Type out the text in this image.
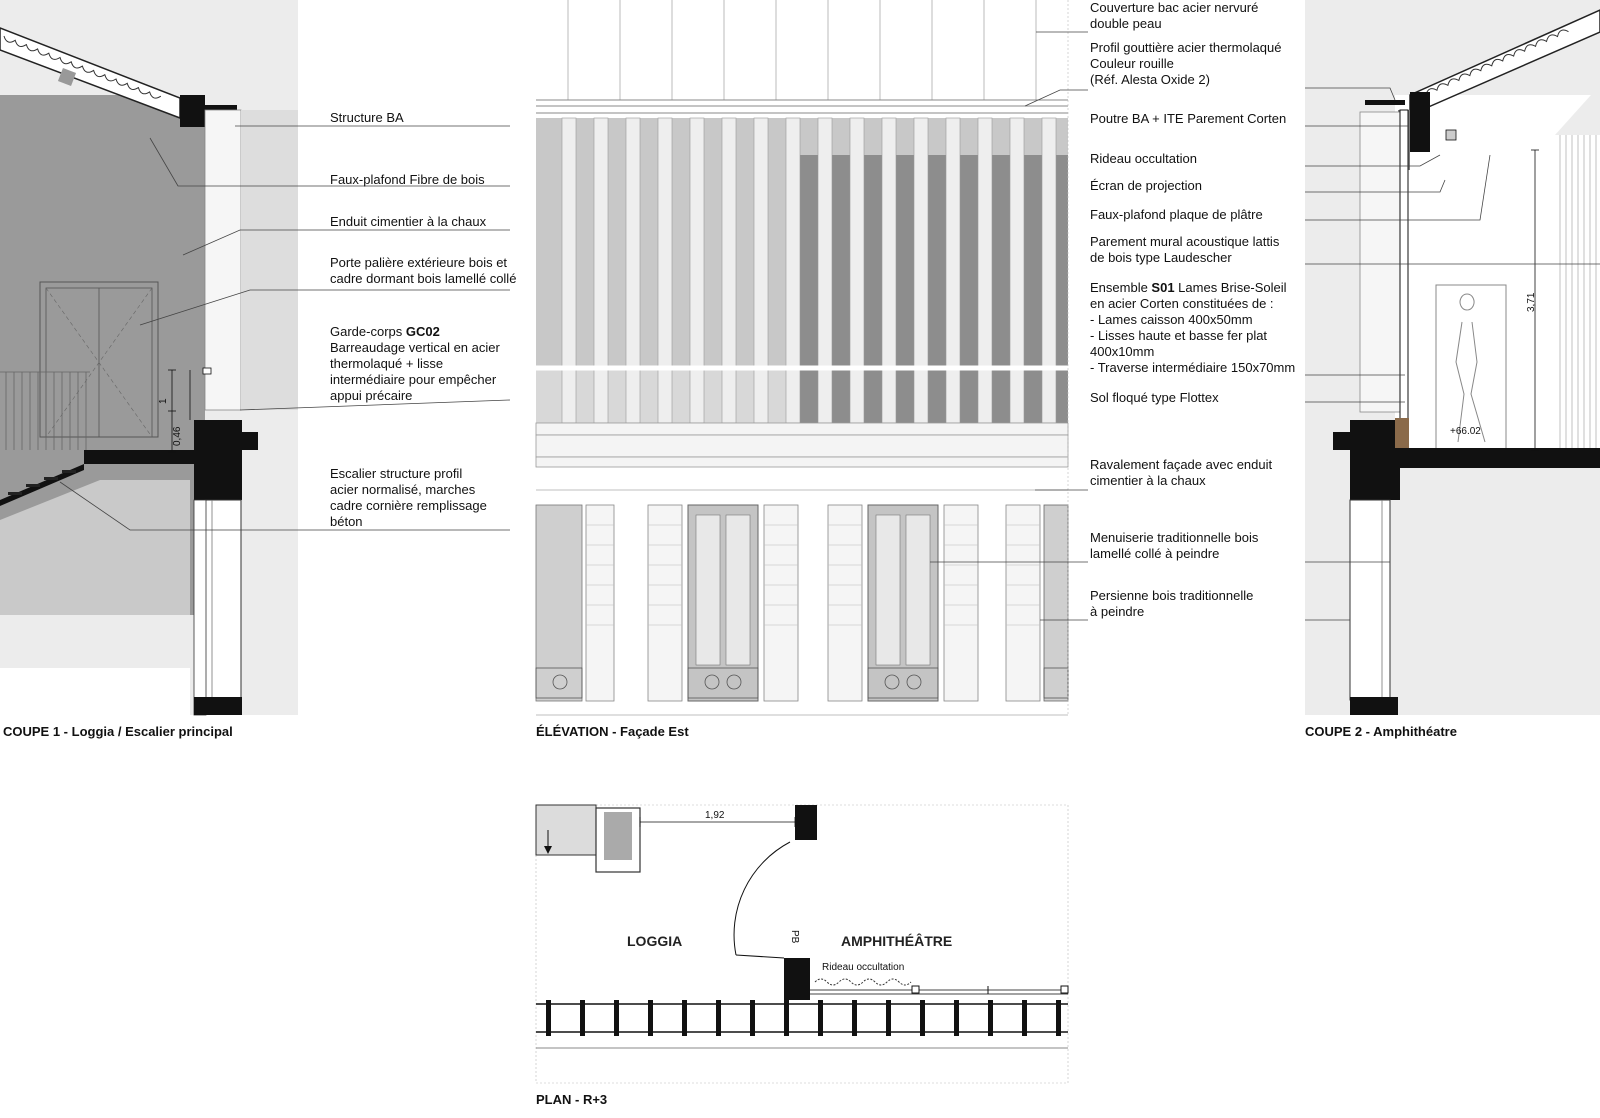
Structure BA
Faux-plafond Fibre de bois
Enduit cimentier à la chaux
Porte palière extérieure bois et
cadre dormant bois lamellé collé
Garde-corps GC02
Barreaudage vertical en acier
thermolaqué + lisse
intermédiaire pour empêcher
appui précaire
Escalier structure profil
acier normalisé, marches
cadre cornière remplissage
béton
1
0,46
COUPE 1 - Loggia / Escalier principal	ÉLÉVATION - Façade Est
Couverture bac acier nervuré
double peau
Profil gouttière acier thermolaqué
Couleur rouille
(Réf. Alesta Oxide 2)
Poutre BA + ITE Parement Corten
Rideau occultation
Écran de projection
Faux-plafond plaque de plâtre
Parement mural acoustique lattis
de bois type Laudescher
Ensemble S01 Lames Brise-Soleil
en acier Corten constituées de :
- Lames caisson 400x50mm
- Lisses haute et basse fer plat
400x10mm
- Traverse intermédiaire 150x70mm
Sol floqué type Flottex
Ravalement façade avec enduit
cimentier à la chaux
Menuiserie traditionnelle bois
lamellé collé à peindre
Persienne bois traditionnelle
à peindre
3,71
+66.02
COUPE 2 - Amphithéatre
1,92
LOGGIA	AMPHITHÉÂTRE
PB
Rideau occultation
PLAN - R+3
